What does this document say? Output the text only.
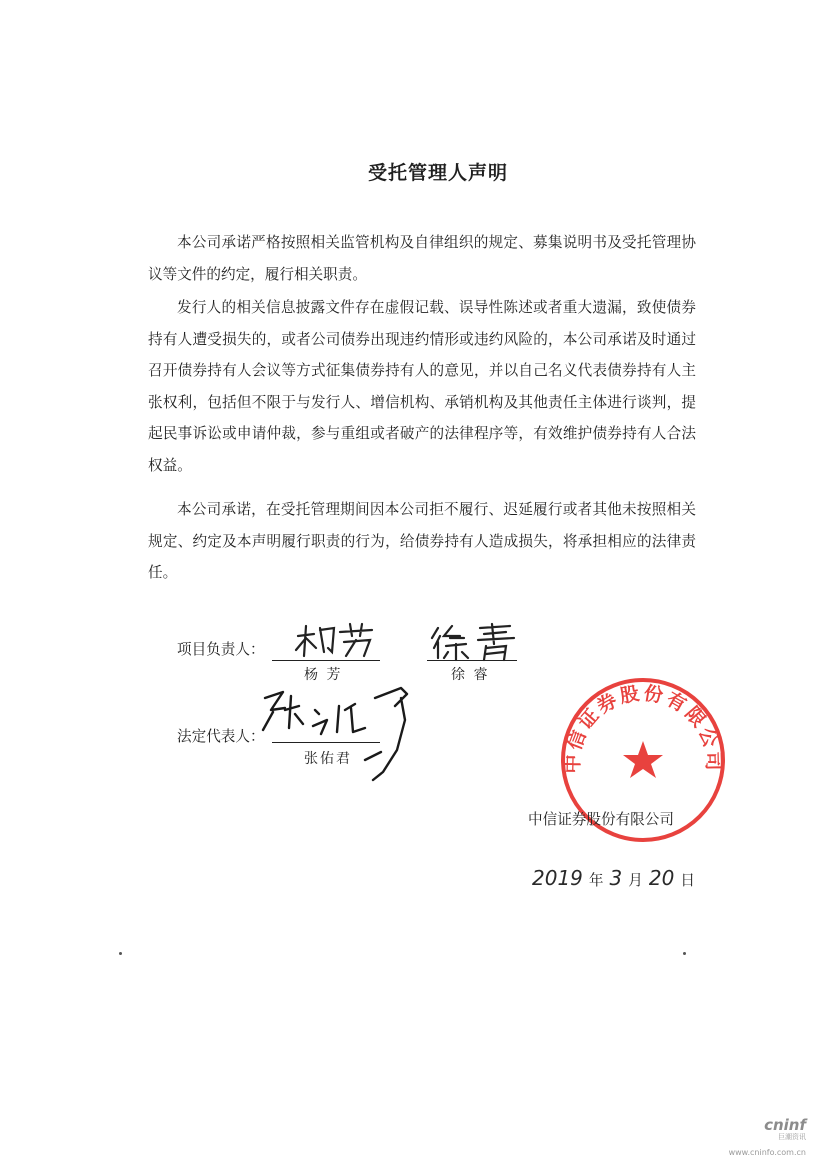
受托管理人声明

本公司承诺严格按照相关监管机构及自律组织的规定、募集说明书及受托管理协议等文件的约定，履行相关职责。

发行人的相关信息披露文件存在虚假记载、误导性陈述或者重大遗漏，致使债券持有人遭受损失的，或者公司债券出现违约情形或违约风险的，本公司承诺及时通过召开债券持有人会议等方式征集债券持有人的意见，并以自己名义代表债券持有人主张权利，包括但不限于与发行人、增信机构、承销机构及其他责任主体进行谈判，提起民事诉讼或申请仲裁，参与重组或者破产的法律程序等，有效维护债券持有人合法权益。

本公司承诺，在受托管理期间因本公司拒不履行、迟延履行或者其他未按照相关规定、约定及本声明履行职责的行为，给债券持有人造成损失，将承担相应的法律责任。

项目负责人：
杨 芳	徐 睿
法定代表人：
张佑君	中信证券股份有限公司
中信证券股份有限公司
2019 年 3 月 20 日
cninf
巨潮资讯
www.cninfo.com.cn
